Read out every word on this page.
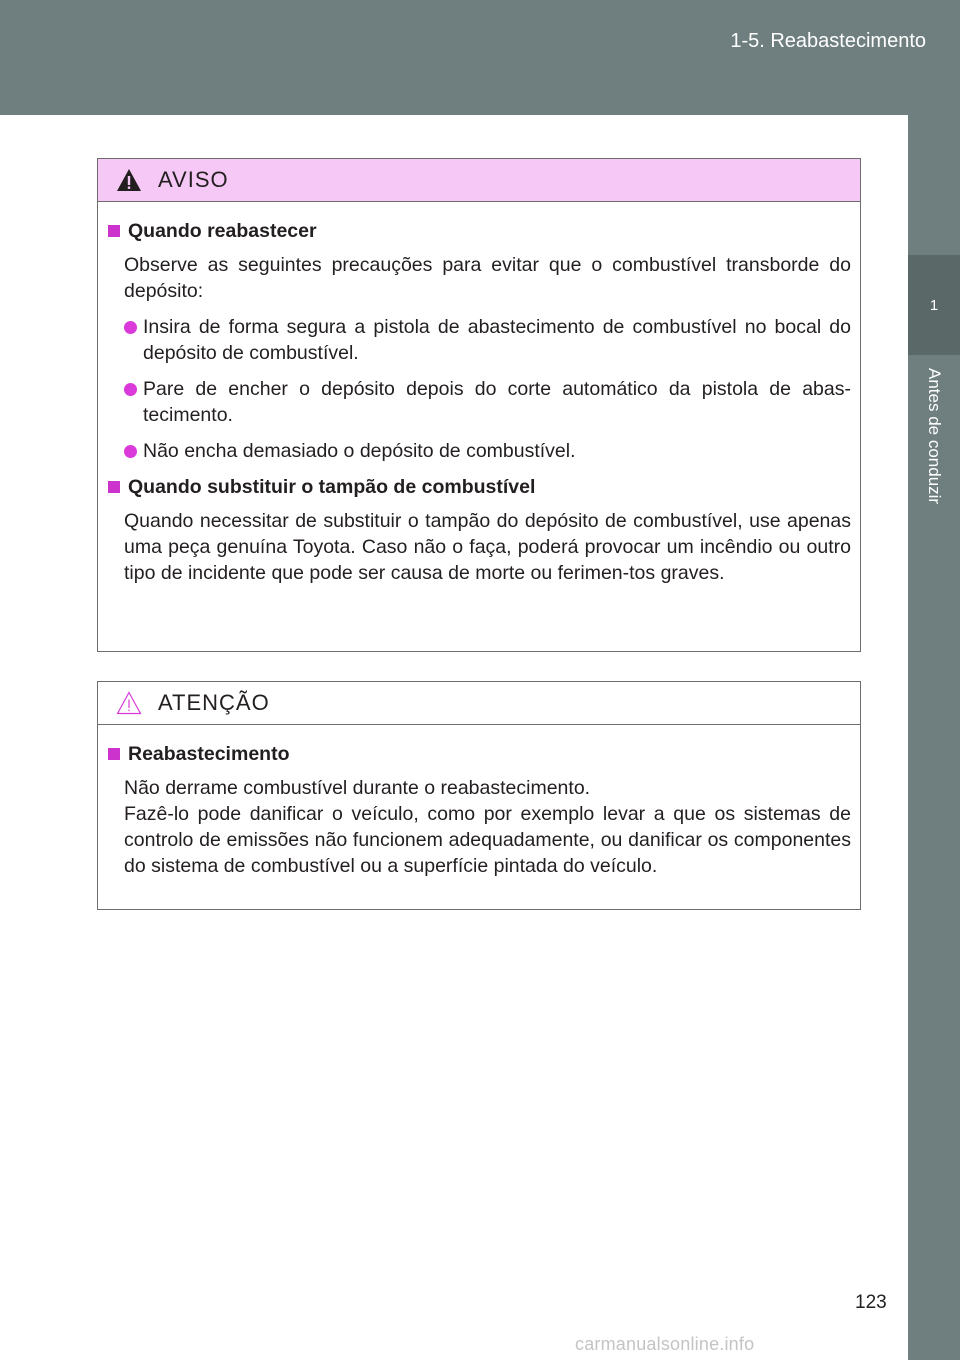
1-5. Reabastecimento
1
Antes de conduzir
AVISO
Quando reabastecer
Observe as seguintes precauções para evitar que o combustível transborde do depósito:
Insira de forma segura a pistola de abastecimento de combustível no bocal do depósito de combustível.
Pare de encher o depósito depois do corte automático da pistola de abas-tecimento.
Não encha demasiado o depósito de combustível.
Quando substituir o tampão de combustível
Quando necessitar de substituir o tampão do depósito de combustível, use apenas uma peça genuína Toyota. Caso não o faça, poderá provocar um incêndio ou outro tipo de incidente que pode ser causa de morte ou ferimen-tos graves.
ATENÇÃO
Reabastecimento
Não derrame combustível durante o reabastecimento.
Fazê-lo pode danificar o veículo, como por exemplo levar a que os sistemas de controlo de emissões não funcionem adequadamente, ou danificar os componentes do sistema de combustível ou a superfície pintada do veículo.
123
carmanualsonline.info
